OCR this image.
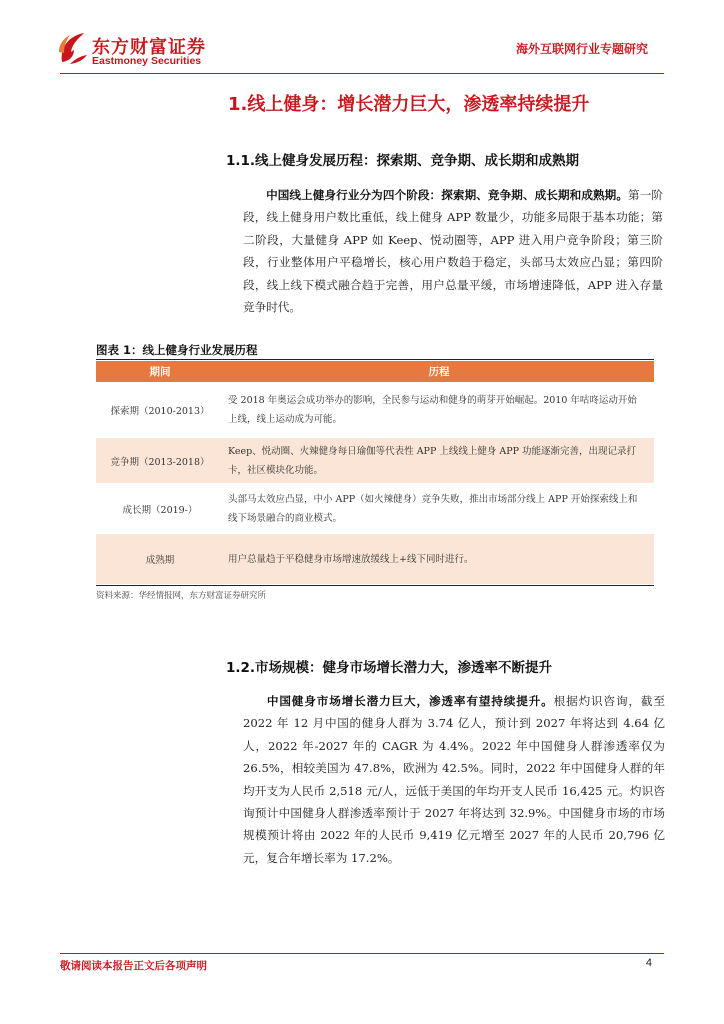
东方财富证券
Eastmoney Securities
海外互联网行业专题研究
1.线上健身：增长潜力巨大，渗透率持续提升
1.1.线上健身发展历程：探索期、竞争期、成长期和成熟期
中国线上健身行业分为四个阶段：探索期、竞争期、成长期和成熟期。第一阶段，线上健身用户数比重低，线上健身 APP 数量少，功能多局限于基本功能；第二阶段，大量健身 APP 如 Keep、悦动圈等，APP 进入用户竞争阶段；第三阶段，行业整体用户平稳增长，核心用户数趋于稳定，头部马太效应凸显；第四阶段，线上线下模式融合趋于完善，用户总量平缓，市场增速降低，APP 进入存量竞争时代。
图表 1：线上健身行业发展历程
期间	历程
探索期（2010-2013）	受 2018 年奥运会成功举办的影响，全民参与运动和健身的萌芽开始崛起。2010 年咕咚运动开始上线，线上运动成为可能。
竞争期（2013-2018）	Keep、悦动圈、火辣健身每日瑜伽等代表性 APP 上线线上健身 APP 功能逐渐完善，出现记录打卡，社区模块化功能。
成长期（2019-）	头部马太效应凸显，中小 APP（如火辣健身）竞争失败，推出市场部分线上 APP 开始探索线上和线下场景融合的商业模式。
成熟期	用户总量趋于平稳健身市场增速放缓线上+线下同时进行。
资料来源：华经情报网，东方财富证券研究所
1.2.市场规模：健身市场增长潜力大，渗透率不断提升
中国健身市场增长潜力巨大，渗透率有望持续提升。根据灼识咨询，截至 2022 年 12 月中国的健身人群为 3.74 亿人，预计到 2027 年将达到 4.64 亿人，2022 年-2027 年的 CAGR 为 4.4%。2022 年中国健身人群渗透率仅为 26.5%，相较美国为 47.8%，欧洲为 42.5%。同时，2022 年中国健身人群的年均开支为人民币 2,518 元/人，远低于美国的年均开支人民币 16,425 元。灼识咨询预计中国健身人群渗透率预计于 2027 年将达到 32.9%。中国健身市场的市场规模预计将由 2022 年的人民币 9,419 亿元增至 2027 年的人民币 20,796 亿元，复合年增长率为 17.2%。
敬请阅读本报告正文后各项声明	4
